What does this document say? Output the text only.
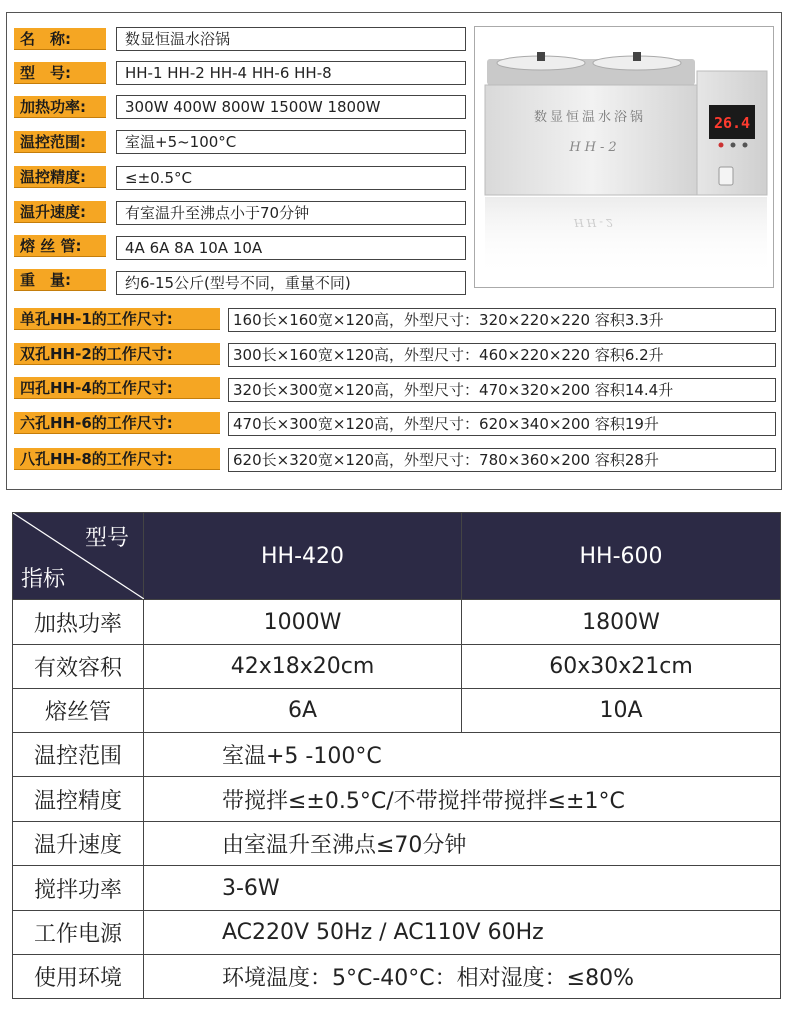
名　称:	数显恒温水浴锅
型　号:	HH-1 HH-2 HH-4 HH-6 HH-8
加热功率:	300W 400W 800W 1500W 1800W
温控范围:	室温+5~100°C
温控精度:	≤±0.5°C
温升速度:	有室温升至沸点小于70分钟
熔 丝 管:	4A 6A 8A 10A 10A
重　量:	约6-15公斤(型号不同，重量不同)
单孔HH-1的工作尺寸:	160长×160宽×120高，外型尺寸：320×220×220 容积3.3升
双孔HH-2的工作尺寸:	300长×160宽×120高，外型尺寸：460×220×220 容积6.2升
四孔HH-4的工作尺寸:	320长×300宽×120高，外型尺寸：470×320×200 容积14.4升
六孔HH-6的工作尺寸:	470长×300宽×120高，外型尺寸：620×340×200 容积19升
八孔HH-8的工作尺寸:	620长×320宽×120高，外型尺寸：780×360×200 容积28升
数显恒温水浴锅
HH-2
26.4
HH-2
型号
指标	HH-420	HH-600
加热功率	1000W	1800W
有效容积	42x18x20cm	60x30x21cm
熔丝管	6A	10A
温控范围	室温+5 -100°C	
温控精度	带搅拌≤±0.5°C/不带搅拌带搅拌≤±1°C	
温升速度	由室温升至沸点≤70分钟	
搅拌功率	3-6W	
工作电源	AC220V 50Hz / AC110V 60Hz	
使用环境	环境温度：5°C-40°C：相对湿度：≤80%	
